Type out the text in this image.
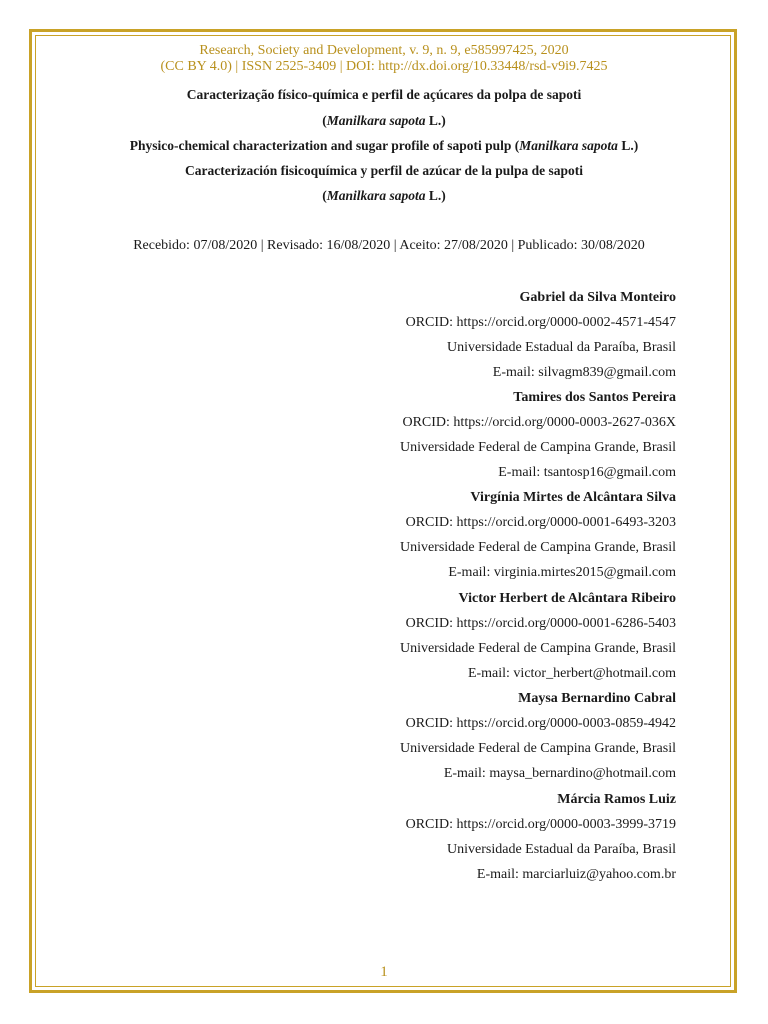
Research, Society and Development, v. 9, n. 9, e585997425, 2020
(CC BY 4.0) | ISSN 2525-3409 | DOI: http://dx.doi.org/10.33448/rsd-v9i9.7425
Caracterização físico-química e perfil de açúcares da polpa de sapoti
(Manilkara sapota L.)
Physico-chemical characterization and sugar profile of sapoti pulp (Manilkara sapota L.)
Caracterización fisicoquímica y perfil de azúcar de la pulpa de sapoti
(Manilkara sapota L.)
Recebido: 07/08/2020 | Revisado: 16/08/2020 | Aceito: 27/08/2020 | Publicado: 30/08/2020
Gabriel da Silva Monteiro
ORCID: https://orcid.org/0000-0002-4571-4547
Universidade Estadual da Paraíba, Brasil
E-mail: silvagm839@gmail.com
Tamires dos Santos Pereira
ORCID: https://orcid.org/0000-0003-2627-036X
Universidade Federal de Campina Grande, Brasil
E-mail: tsantosp16@gmail.com
Virgínia Mirtes de Alcântara Silva
ORCID: https://orcid.org/0000-0001-6493-3203
Universidade Federal de Campina Grande, Brasil
E-mail: virginia.mirtes2015@gmail.com
Victor Herbert de Alcântara Ribeiro
ORCID: https://orcid.org/0000-0001-6286-5403
Universidade Federal de Campina Grande, Brasil
E-mail: victor_herbert@hotmail.com
Maysa Bernardino Cabral
ORCID: https://orcid.org/0000-0003-0859-4942
Universidade Federal de Campina Grande, Brasil
E-mail: maysa_bernardino@hotmail.com
Márcia Ramos Luiz
ORCID: https://orcid.org/0000-0003-3999-3719
Universidade Estadual da Paraíba, Brasil
E-mail: marciarluiz@yahoo.com.br
1
